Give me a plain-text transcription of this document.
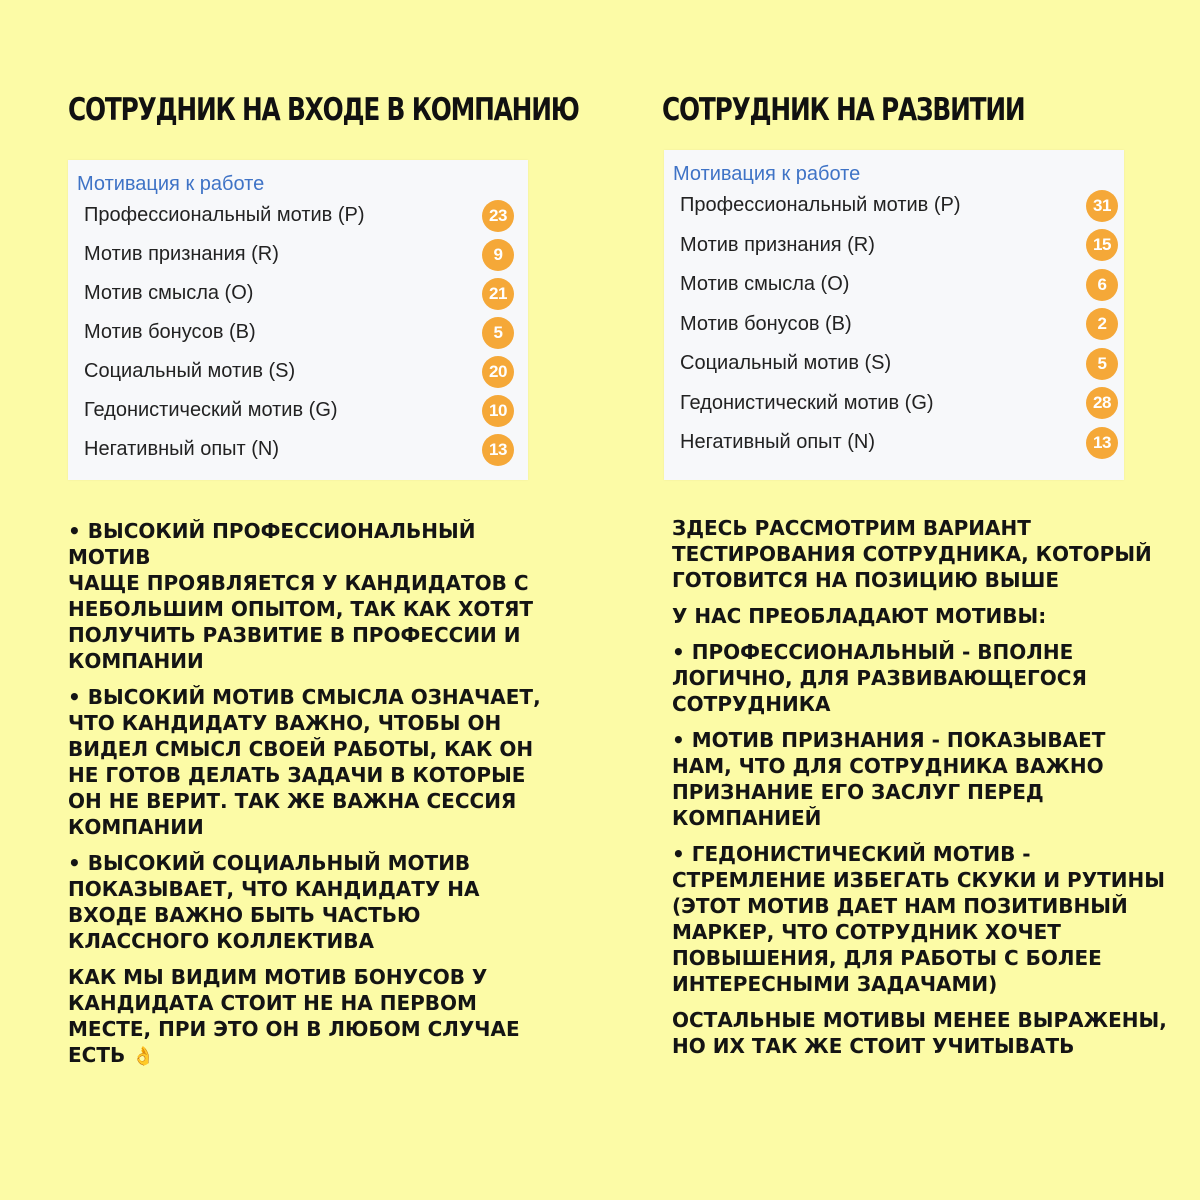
СОТРУДНИК НА ВХОДЕ В КОМПАНИЮ
Мотивация к работе
Профессиональный мотив (P)	23
Мотив признания (R)	9
Мотив смысла (O)	21
Мотив бонусов (B)	5
Социальный мотив (S)	20
Гедонистический мотив (G)	10
Негативный опыт (N)	13

• ВЫСОКИЙ ПРОФЕССИОНАЛЬНЫЙ МОТИВ
ЧАЩЕ ПРОЯВЛЯЕТСЯ У КАНДИДАТОВ С НЕБОЛЬШИМ ОПЫТОМ, ТАК КАК ХОТЯТ ПОЛУЧИТЬ РАЗВИТИЕ В ПРОФЕССИИ И КОМПАНИИ

• ВЫСОКИЙ МОТИВ СМЫСЛА ОЗНАЧАЕТ, ЧТО КАНДИДАТУ ВАЖНО, ЧТОБЫ ОН ВИДЕЛ СМЫСЛ СВОЕЙ РАБОТЫ, КАК ОН НЕ ГОТОВ ДЕЛАТЬ ЗАДАЧИ В КОТОРЫЕ ОН НЕ ВЕРИТ. ТАК ЖЕ ВАЖНА СЕССИЯ КОМПАНИИ

• ВЫСОКИЙ СОЦИАЛЬНЫЙ МОТИВ ПОКАЗЫВАЕТ, ЧТО КАНДИДАТУ НА ВХОДЕ ВАЖНО БЫТЬ ЧАСТЬЮ КЛАССНОГО КОЛЛЕКТИВА

КАК МЫ ВИДИМ МОТИВ БОНУСОВ У КАНДИДАТА СТОИТ НЕ НА ПЕРВОМ МЕСТЕ, ПРИ ЭТО ОН В ЛЮБОМ СЛУЧАЕ ЕСТЬ 👌

СОТРУДНИК НА РАЗВИТИИ
Мотивация к работе
Профессиональный мотив (P)	31
Мотив признания (R)	15
Мотив смысла (O)	6
Мотив бонусов (B)	2
Социальный мотив (S)	5
Гедонистический мотив (G)	28
Негативный опыт (N)	13

ЗДЕСЬ РАССМОТРИМ ВАРИАНТ ТЕСТИРОВАНИЯ СОТРУДНИКА, КОТОРЫЙ ГОТОВИТСЯ НА ПОЗИЦИЮ ВЫШЕ

У НАС ПРЕОБЛАДАЮТ МОТИВЫ:

• ПРОФЕССИОНАЛЬНЫЙ - ВПОЛНЕ ЛОГИЧНО, ДЛЯ РАЗВИВАЮЩЕГОСЯ СОТРУДНИКА

• МОТИВ ПРИЗНАНИЯ - ПОКАЗЫВАЕТ НАМ, ЧТО ДЛЯ СОТРУДНИКА ВАЖНО ПРИЗНАНИЕ ЕГО ЗАСЛУГ ПЕРЕД КОМПАНИЕЙ

• ГЕДОНИСТИЧЕСКИЙ МОТИВ - СТРЕМЛЕНИЕ ИЗБЕГАТЬ СКУКИ И РУТИНЫ (ЭТОТ МОТИВ ДАЕТ НАМ ПОЗИТИВНЫЙ МАРКЕР, ЧТО СОТРУДНИК ХОЧЕТ ПОВЫШЕНИЯ, ДЛЯ РАБОТЫ С БОЛЕЕ ИНТЕРЕСНЫМИ ЗАДАЧАМИ)

ОСТАЛЬНЫЕ МОТИВЫ МЕНЕЕ ВЫРАЖЕНЫ, НО ИХ ТАК ЖЕ СТОИТ УЧИТЫВАТЬ
